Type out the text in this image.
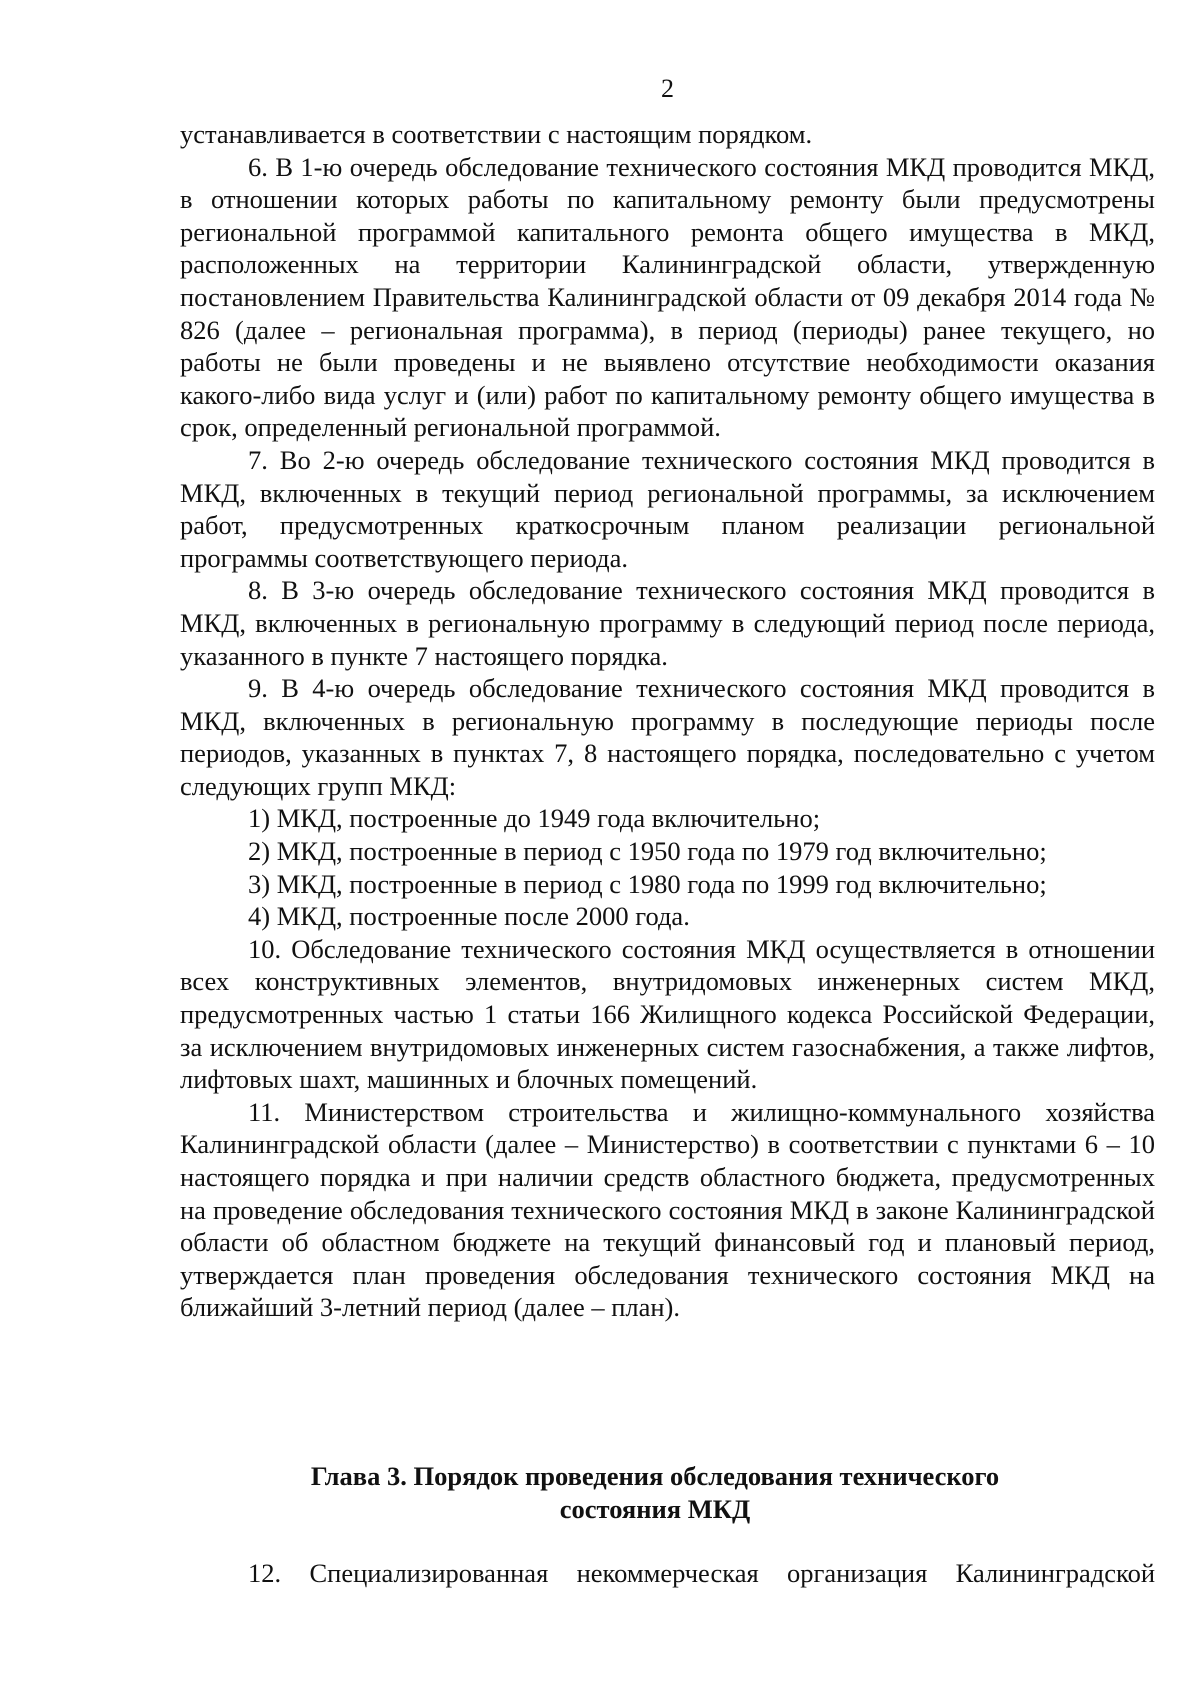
2

устанавливается в соответствии с настоящим порядком.

6. В 1-ю очередь обследование технического состояния МКД проводится МКД, в отношении которых работы по капитальному ремонту были предусмотрены региональной программой капитального ремонта общего имущества в МКД, расположенных на территории Калининградской области, утвержденную постановлением Правительства Калининградской области от 09 декабря 2014 года № 826 (далее – региональная программа), в период (периоды) ранее текущего, но работы не были проведены и не выявлено отсутствие необходимости оказания какого-либо вида услуг и (или) работ по капитальному ремонту общего имущества в срок, определенный региональной программой.

7. Во 2-ю очередь обследование технического состояния МКД проводится в МКД, включенных в текущий период региональной программы, за исключением работ, предусмотренных краткосрочным планом реализации региональной программы соответствующего периода.

8. В 3-ю очередь обследование технического состояния МКД проводится в МКД, включенных в региональную программу в следующий период после периода, указанного в пункте 7 настоящего порядка.

9. В 4-ю очередь обследование технического состояния МКД проводится в МКД, включенных в региональную программу в последующие периоды после периодов, указанных в пунктах 7, 8 настоящего порядка, последовательно с учетом следующих групп МКД:

1) МКД, построенные до 1949 года включительно;

2) МКД, построенные в период с 1950 года по 1979 год включительно;

3) МКД, построенные в период с 1980 года по 1999 год включительно;

4) МКД, построенные после 2000 года.

10. Обследование технического состояния МКД осуществляется в отношении всех конструктивных элементов, внутридомовых инженерных систем МКД, предусмотренных частью 1 статьи 166 Жилищного кодекса Российской Федерации, за исключением внутридомовых инженерных систем газоснабжения, а также лифтов, лифтовых шахт, машинных и блочных помещений.

11. Министерством строительства и жилищно-коммунального хозяйства Калининградской области (далее – Министерство) в соответствии с пунктами 6 – 10 настоящего порядка и при наличии средств областного бюджета, предусмотренных на проведение обследования технического состояния МКД в законе Калининградской области об областном бюджете на текущий финансовый год и плановый период, утверждается план проведения обследования технического состояния МКД на ближайший 3-летний период (далее – план).

Глава 3. Порядок проведения обследования технического состояния МКД
12. Специализированная некоммерческая организация Калининградской
